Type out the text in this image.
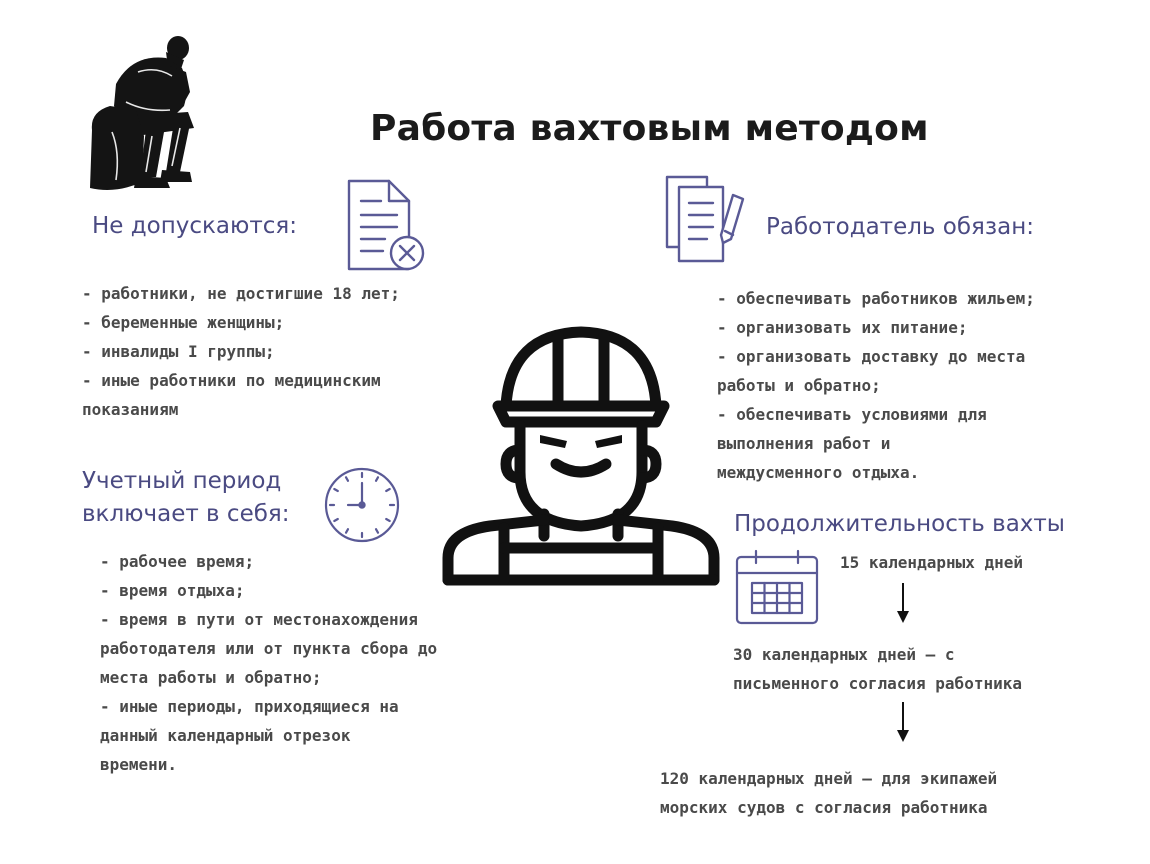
Работа вахтовым методом
Не допускаются:
- работники, не достигшие 18 лет;
- беременные женщины;
- инвалиды I группы;
- иные работники по медицинским
показаниям
Учетный период
включает в себя:
- рабочее время;
- время отдыха;
- время в пути от местонахождения
работодателя или от пункта сбора до
места работы и обратно;
- иные периоды, приходящиеся на
данный календарный отрезок
времени.
Работодатель обязан:
- обеспечивать работников жильем;
- организовать их питание;
- организовать доставку до места
работы и обратно;
- обеспечивать условиями для
выполнения работ и
междусменного отдыха.
Продолжительность вахты
15 календарных дней
30 календарных дней — с
письменного согласия работника
120 календарных дней — для экипажей
морских судов с согласия работника
